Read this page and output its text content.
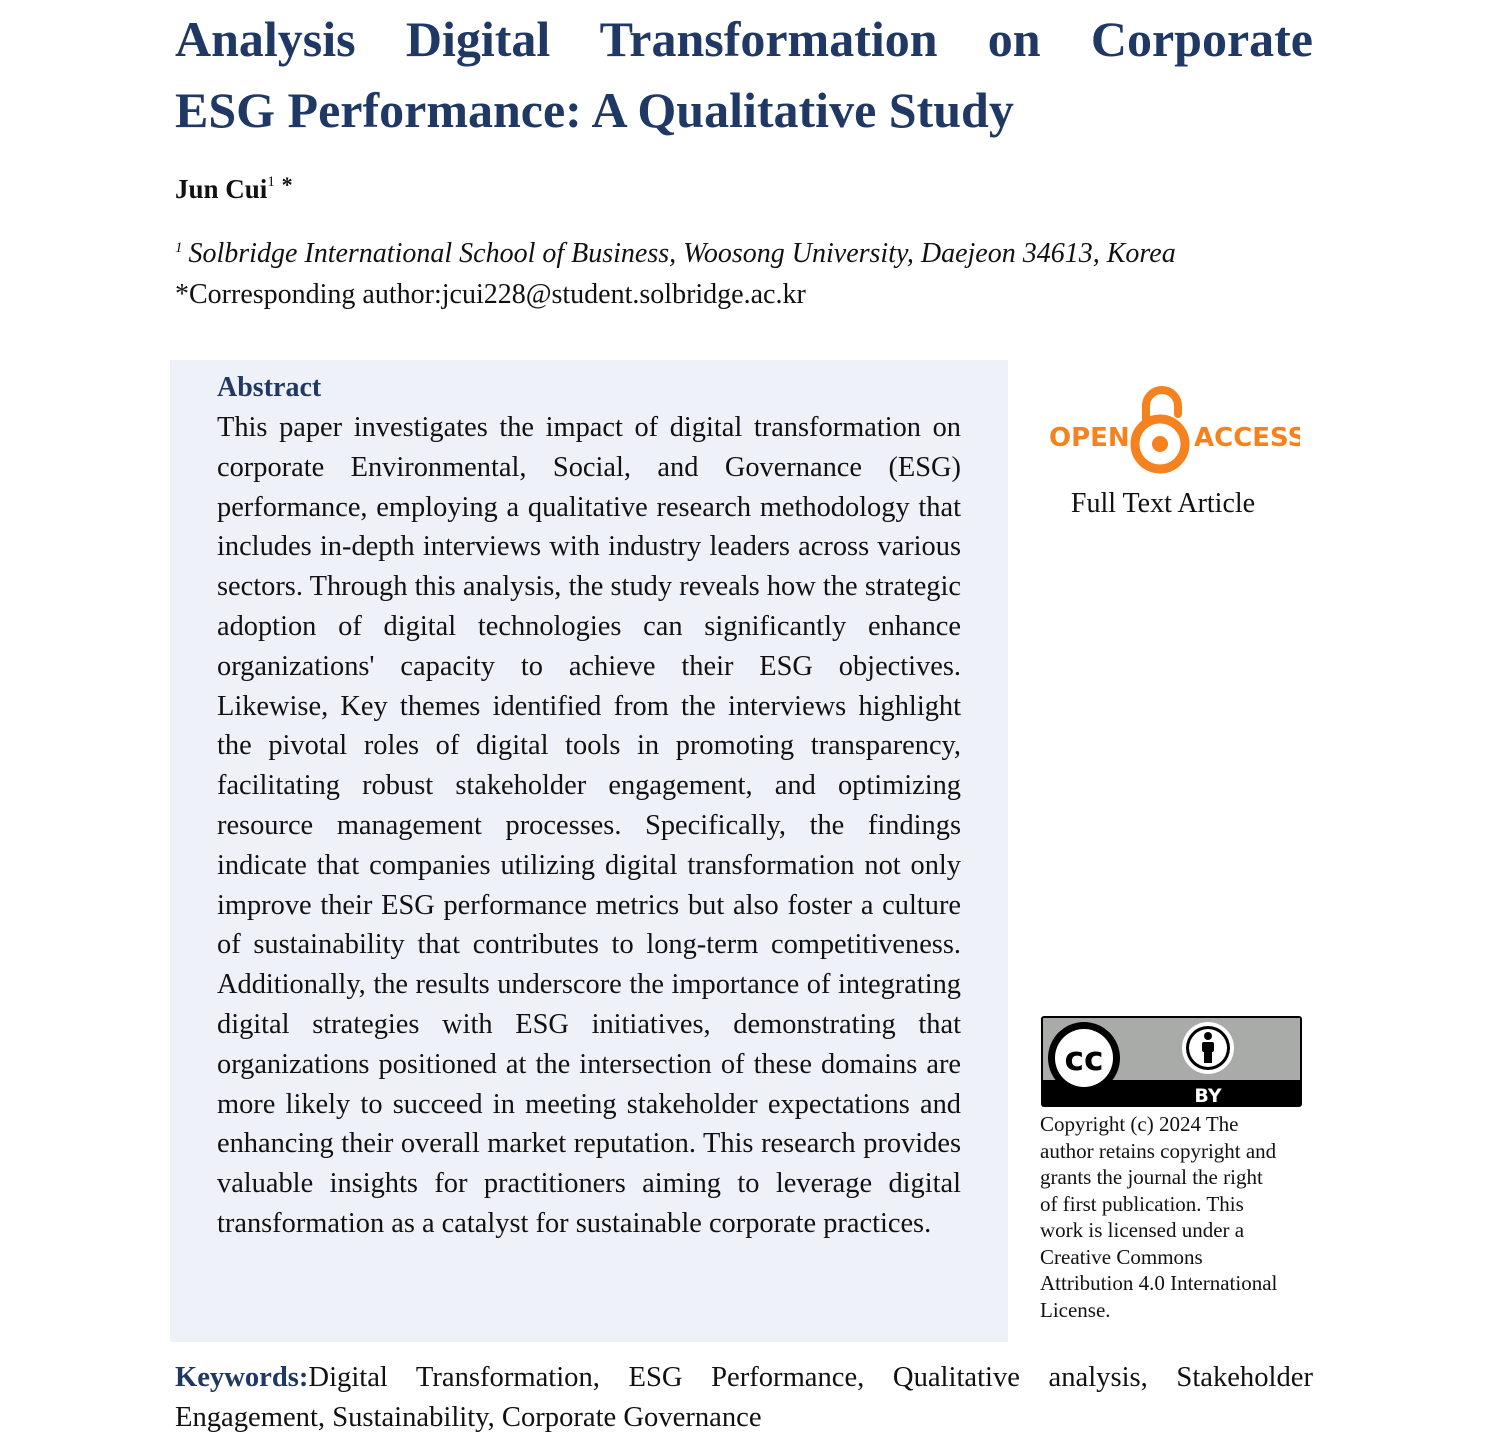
Analysis Digital Transformation on Corporate
ESG Performance: A Qualitative Study
Jun Cui$^1$ *
$^1$ Solbridge International School of Business, Woosong University, Daejeon 34613, Korea
*Corresponding author:jcui228@student.solbridge.ac.kr
Abstract

This paper investigates the impact of digital transformation on corporate Environmental, Social, and Governance (ESG) performance, employing a qualitative research methodology that includes in-depth interviews with industry leaders across various sectors. Through this analysis, the study reveals how the strategic adoption of digital technologies can significantly enhance organizations' capacity to achieve their ESG objectives. Likewise, Key themes identified from the interviews highlight the pivotal roles of digital tools in promoting transparency, facilitating robust stakeholder engagement, and optimizing resource management processes. Specifically, the findings indicate that companies utilizing digital transformation not only improve their ESG performance metrics but also foster a culture of sustainability that contributes to long-term competitiveness. Additionally, the results underscore the importance of integrating digital strategies with ESG initiatives, demonstrating that organizations positioned at the intersection of these domains are more likely to succeed in meeting stakeholder expectations and enhancing their overall market reputation. This research provides valuable insights for practitioners aiming to leverage digital transformation as a catalyst for sustainable corporate practices.

OPEN ACCESS
Full Text Article
cc
BY

Copyright (c) 2024 The author retains copyright and grants the journal the right of first publication. This work is licensed under a Creative Commons Attribution 4.0 International License.

Keywords:Digital Transformation, ESG Performance, Qualitative analysis, Stakeholder Engagement, Sustainability, Corporate Governance
